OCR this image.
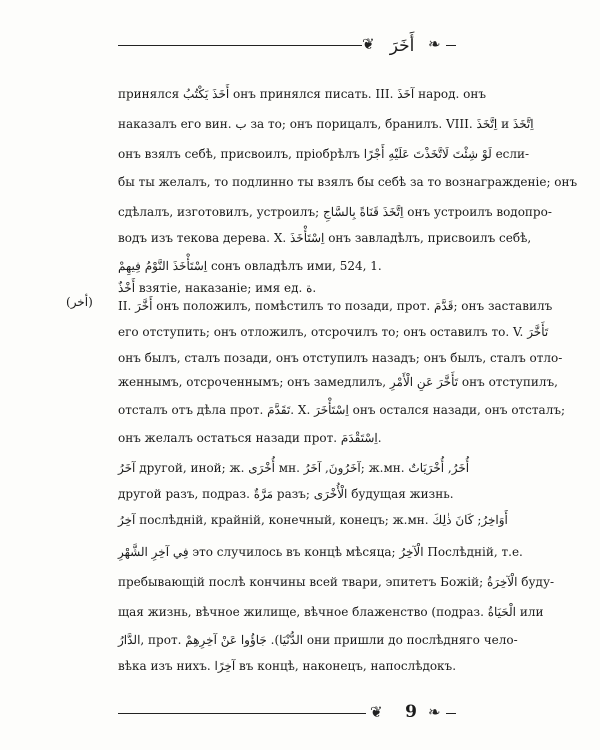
❦ أَخَرَ ❧
(أخر)
принялся أَخَذَ يَكْتُبُ онъ принялся писать. III. آخَذَ народ. онъ
наказалъ его вин. ب за то; онъ порицалъ, бранилъ. VIII. اِتَّخَذَ и اِتَّخَذَ
онъ взялъ себѣ, присвоилъ, пріобрѣлъ لَوْ شِئْتَ لَاتَّخَذْتَ عَلَيْهِ أَجْرًا если-
бы ты желалъ, то подлинно ты взялъ бы себѣ за то вознагражденіе; онъ
сдѣлалъ, изготовилъ, устроилъ; اِتَّخَذَ قَنَاةً بِالسَّاجِ онъ устроилъ водопро-
водъ изъ тековa дерева. X. اِسْتَأْخَذَ онъ завладѣлъ, присвоилъ себѣ,
اِسْتَأْخَذَ النَّوْمُ فِيهِمْ сонъ овладѣлъ ими, 524, 1.
أَخْذٌ взятіе, наказаніе; имя ед. ة.
II. أَخَّرَ онъ положилъ, помѣстилъ то позади, прот. قَدَّمَ; онъ заставилъ
его отступить; онъ отложилъ, отсрочилъ то; онъ оставилъ то. V. تَأَخَّرَ
онъ былъ, сталъ позади, онъ отступилъ назадъ; онъ былъ, сталъ отло-
женнымъ, отсроченнымъ; онъ замедлилъ, تَأَخَّرَ عَنِ الْأَمْرِ онъ отступилъ,
отсталъ отъ дѣла прот. تَقَدَّمَ. X. اِسْتَأْخَرَ онъ остался назади, онъ отсталъ;
онъ желалъ остаться назади прот. اِسْتَقْدَمَ.
آخَرُ другой, иной; ж. أُخْرَى мн. آخَرُونَ, آخَرُ; ж.мн. أُخَرُ, أُخْرَيَاتٌ
другой разъ, подраз. مَرَّةٌ разъ; الْأُخْرَى будущая жизнь.
آخِرُ послѣдній, крайній, конечный, конецъ; ж.мн. أَوَاخِرُ; كَانَ ذٰلِكَ
فِي آخِرِ الشَّهْرِ это случилось въ концѣ мѣсяца; الْآخِرُ Послѣдній, т.е.
пребывающій послѣ кончины всей твари, эпитетъ Божій; الْآخِرَةُ буду-
щая жизнь, вѣчное жилище, вѣчное блаженство (подраз. الْحَيَاةُ или
الدَّارُ, прот. الدُّنْيَا). جَاؤُوا عَنْ آخِرِهِمْ они пришли до послѣдняго чело-
вѣка изъ нихъ. آخِرًا въ концѣ, наконецъ, напослѣдокъ.
❦	9 ❧
